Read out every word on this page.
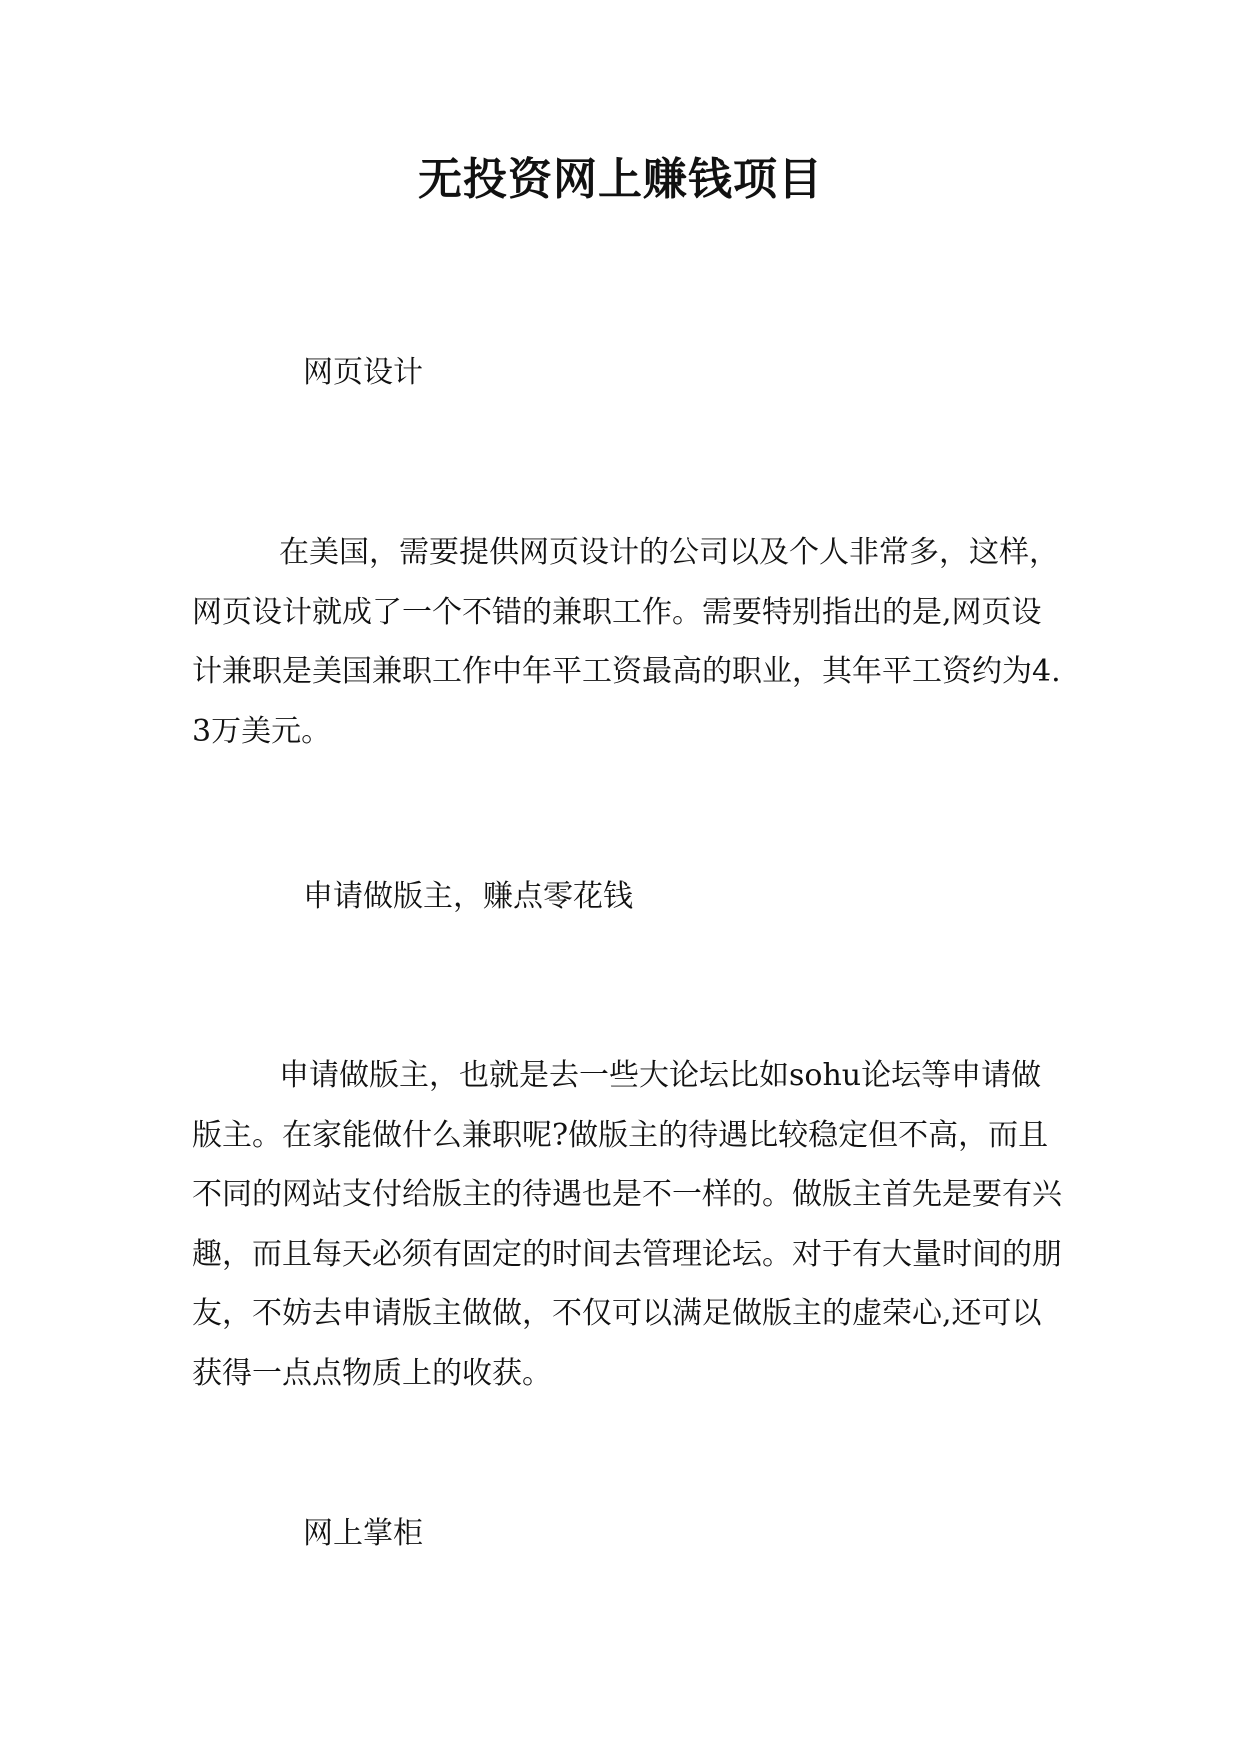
无投资网上赚钱项目

网页设计

在美国，需要提供网页设计的公司以及个人非常多，这样，网页设计就成了一个不错的兼职工作。需要特别指出的是,网页设计兼职是美国兼职工作中年平工资最高的职业，其年平工资约为4.3万美元。

申请做版主，赚点零花钱

申请做版主，也就是去一些大论坛比如sohu论坛等申请做版主。在家能做什么兼职呢?做版主的待遇比较稳定但不高，而且不同的网站支付给版主的待遇也是不一样的。做版主首先是要有兴趣，而且每天必须有固定的时间去管理论坛。对于有大量时间的朋友，不妨去申请版主做做，不仅可以满足做版主的虚荣心,还可以获得一点点物质上的收获。

网上掌柜
